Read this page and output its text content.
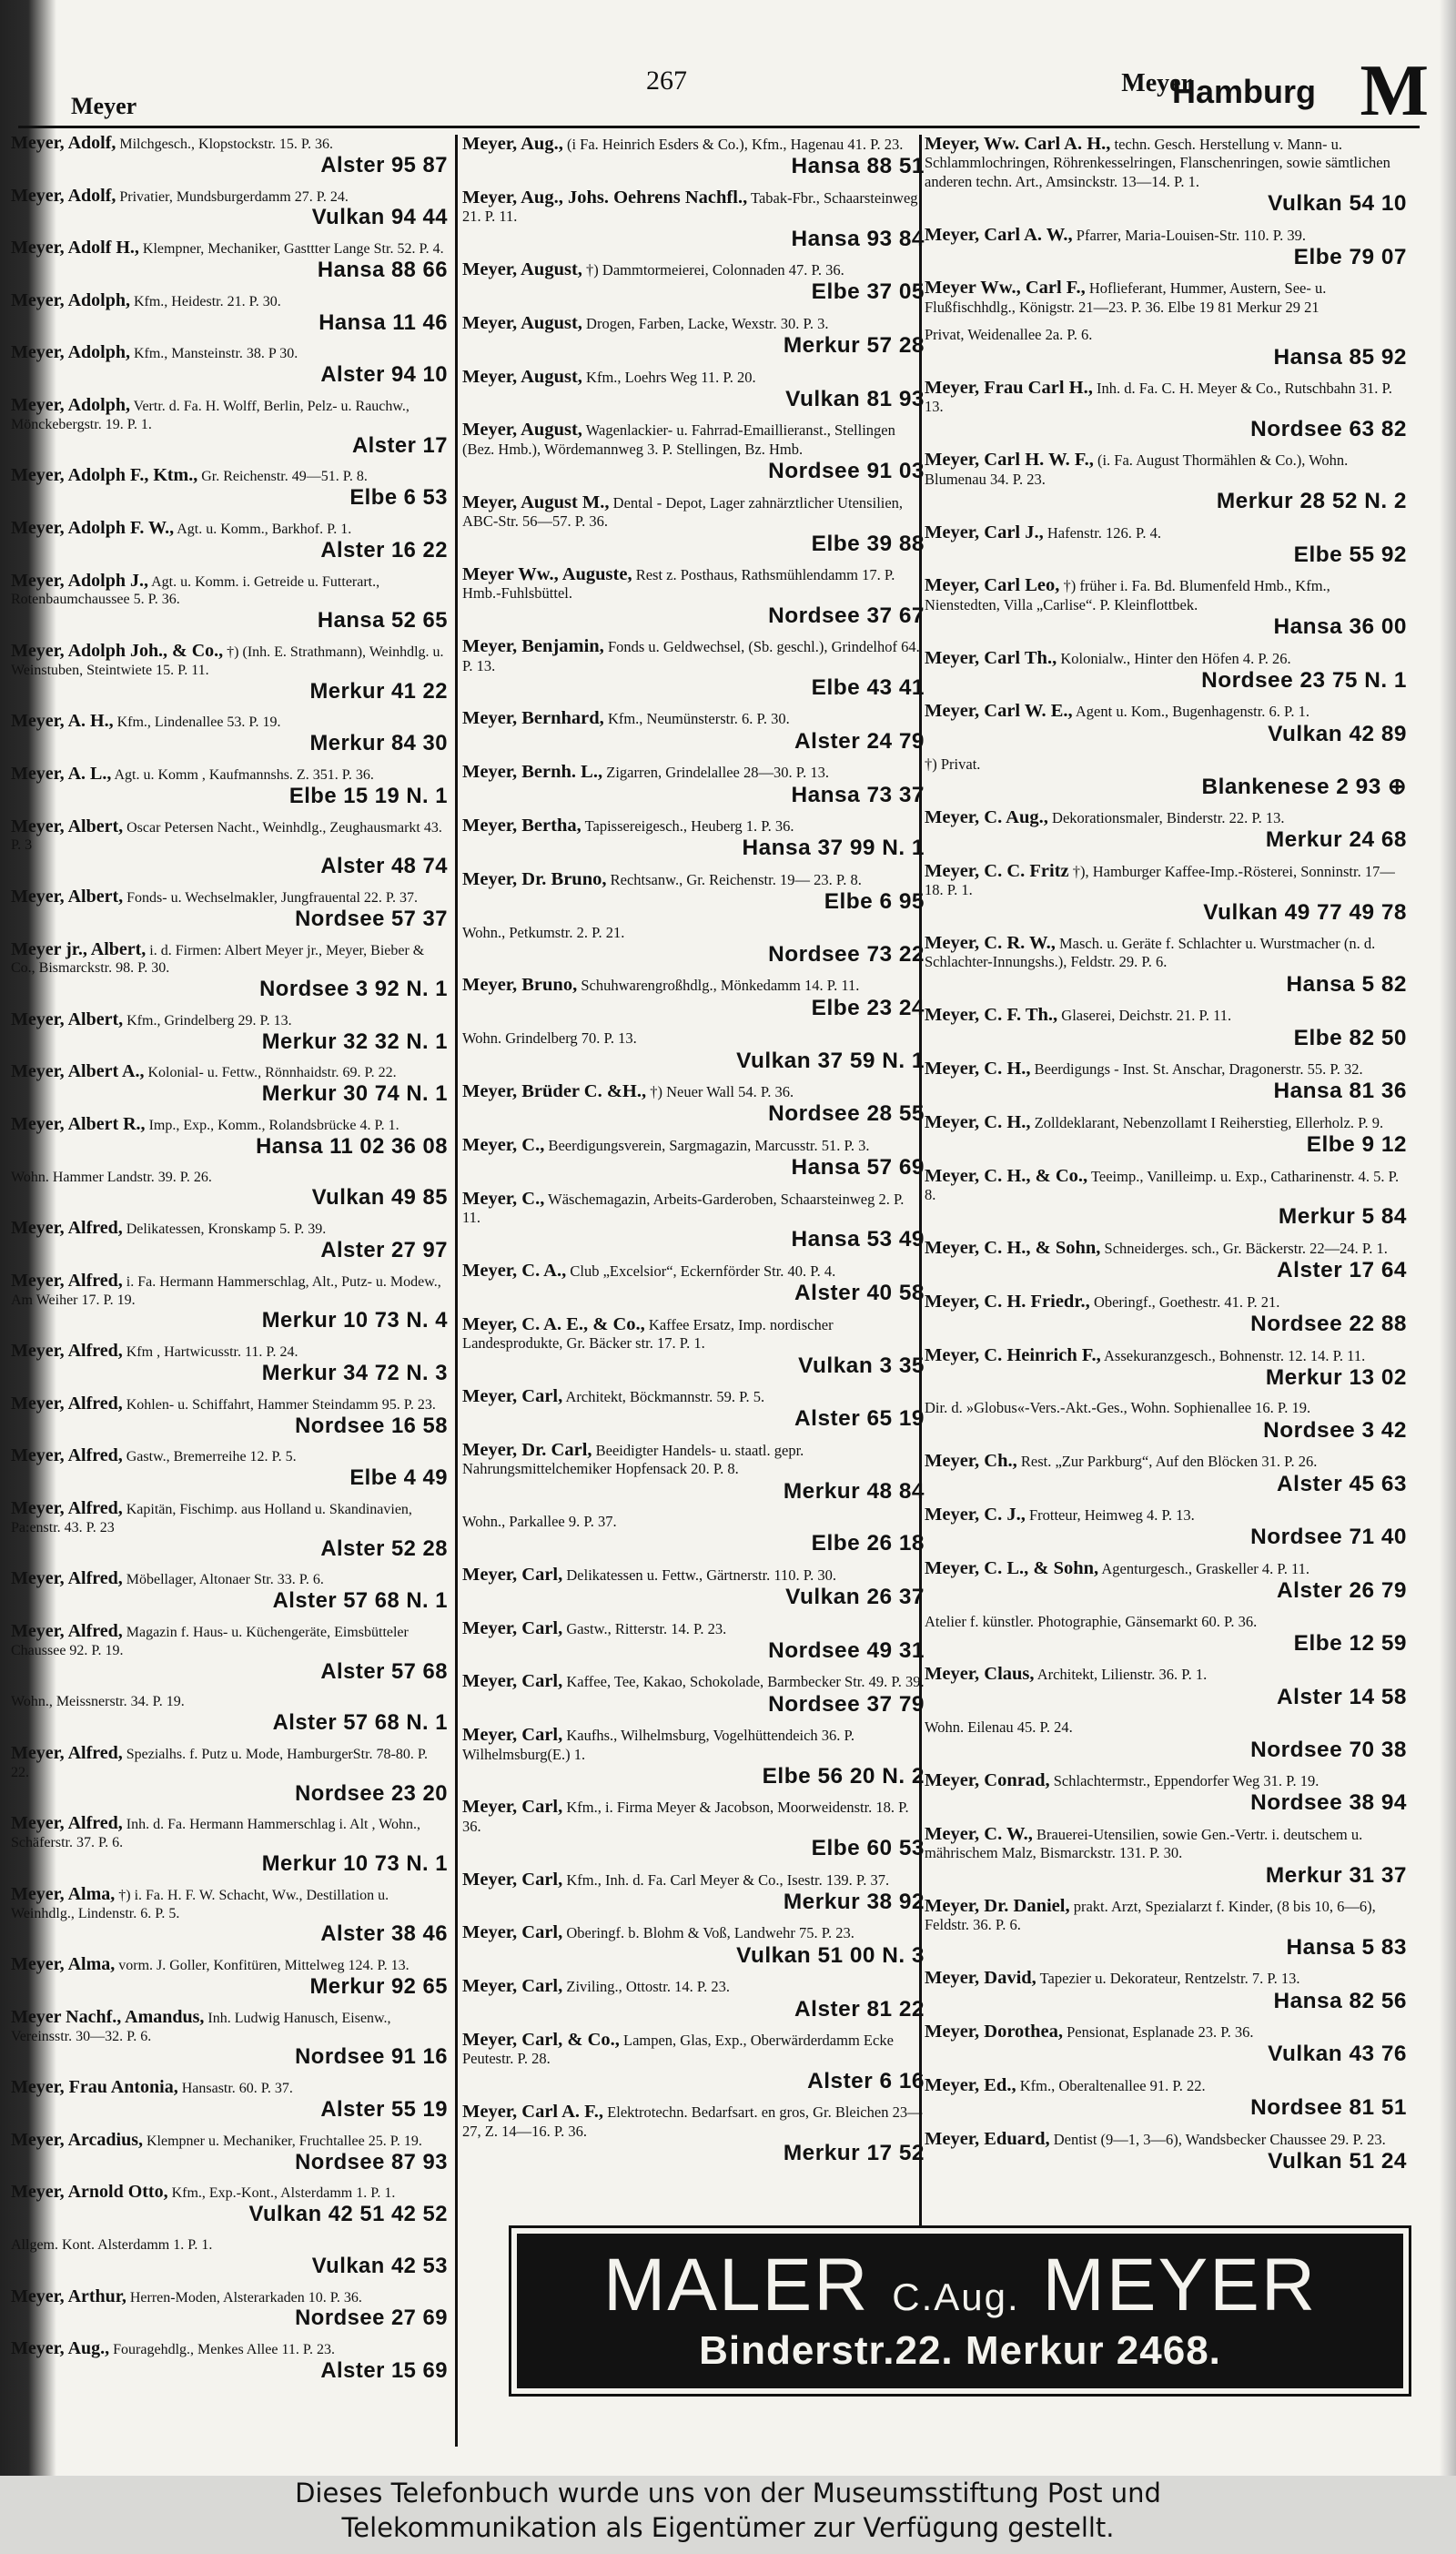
Meyer
267	Meyer
Hamburg M
Meyer, Adolf, Milchgesch., Klopstockstr. 15. P. 36.
Alster 95 87
Meyer, Adolf, Privatier, Mundsburgerdamm 27. P. 24.
Vulkan 94 44
Meyer, Adolf H., Klempner, Mechaniker, Gasttter Lange Str. 52. P. 4.
Hansa 88 66
Meyer, Adolph, Kfm., Heidestr. 21. P. 30.
Hansa 11 46
Meyer, Adolph, Kfm., Mansteinstr. 38. P 30.
Alster 94 10
Meyer, Adolph, Vertr. d. Fa. H. Wolff, Berlin, Pelz- u. Rauchw., Mönckebergstr. 19. P. 1.
Alster 17
Meyer, Adolph F., Ktm., Gr. Reichenstr. 49—51. P. 8.
Elbe 6 53
Meyer, Adolph F. W., Agt. u. Komm., Barkhof. P. 1.
Alster 16 22
Meyer, Adolph J., Agt. u. Komm. i. Getreide u. Futterart., Rotenbaumchaussee 5. P. 36.
Hansa 52 65
Meyer, Adolph Joh., & Co., †) (Inh. E. Strathmann), Weinhdlg. u. Weinstuben, Steintwiete 15. P. 11.
Merkur 41 22
Meyer, A. H., Kfm., Lindenallee 53. P. 19.
Merkur 84 30
Meyer, A. L., Agt. u. Komm , Kaufmannshs. Z. 351. P. 36.
Elbe 15 19 N. 1
Meyer, Albert, Oscar Petersen Nacht., Weinhdlg., Zeughausmarkt 43. P. 3
Alster 48 74
Meyer, Albert, Fonds- u. Wechselmakler, Jungfrauental 22. P. 37.
Nordsee 57 37
Meyer jr., Albert, i. d. Firmen: Albert Meyer jr., Meyer, Bieber & Co., Bismarckstr. 98. P. 30.
Nordsee 3 92 N. 1
Meyer, Albert, Kfm., Grindelberg 29. P. 13.
Merkur 32 32 N. 1
Meyer, Albert A., Kolonial- u. Fettw., Rönnhaidstr. 69. P. 22.
Merkur 30 74 N. 1
Meyer, Albert R., Imp., Exp., Komm., Rolandsbrücke 4. P. 1.
Hansa 11 02 36 08
Wohn. Hammer Landstr. 39. P. 26.
Vulkan 49 85
Meyer, Alfred, Delikatessen, Kronskamp 5. P. 39.
Alster 27 97
Meyer, Alfred, i. Fa. Hermann Hammerschlag, Alt., Putz- u. Modew., Am Weiher 17. P. 19.
Merkur 10 73 N. 4
Meyer, Alfred, Kfm , Hartwicusstr. 11. P. 24.
Merkur 34 72 N. 3
Meyer, Alfred, Kohlen- u. Schiffahrt, Hammer Steindamm 95. P. 23.
Nordsee 16 58
Meyer, Alfred, Gastw., Bremerreihe 12. P. 5.
Elbe 4 49
Meyer, Alfred, Kapitän, Fischimp. aus Holland u. Skandinavien, Pa:enstr. 43. P. 23
Alster 52 28
Meyer, Alfred, Möbellager, Altonaer Str. 33. P. 6.
Alster 57 68 N. 1
Meyer, Alfred, Magazin f. Haus- u. Küchengeräte, Eimsbütteler Chaussee 92. P. 19.
Alster 57 68
Wohn., Meissnerstr. 34. P. 19.
Alster 57 68 N. 1
Meyer, Alfred, Spezialhs. f. Putz u. Mode, HamburgerStr. 78-80. P. 22.
Nordsee 23 20
Meyer, Alfred, Inh. d. Fa. Hermann Hammerschlag i. Alt , Wohn., Schäferstr. 37. P. 6.
Merkur 10 73 N. 1
Meyer, Alma, †) i. Fa. H. F. W. Schacht, Ww., Destillation u. Weinhdlg., Lindenstr. 6. P. 5.
Alster 38 46
Meyer, Alma, vorm. J. Goller, Konfitüren, Mittelweg 124. P. 13.
Merkur 92 65
Meyer Nachf., Amandus, Inh. Ludwig Hanusch, Eisenw., Vereinsstr. 30—32. P. 6.
Nordsee 91 16
Meyer, Frau Antonia, Hansastr. 60. P. 37.
Alster 55 19
Meyer, Arcadius, Klempner u. Mechaniker, Fruchtallee 25. P. 19.
Nordsee 87 93
Meyer, Arnold Otto, Kfm., Exp.-Kont., Alsterdamm 1. P. 1.
Vulkan 42 51 42 52
Allgem. Kont. Alsterdamm 1. P. 1.
Vulkan 42 53
Meyer, Arthur, Herren-Moden, Alsterarkaden 10. P. 36.
Nordsee 27 69
Meyer, Aug., Fouragehdlg., Menkes Allee 11. P. 23.
Alster 15 69
Meyer, Aug., (i Fa. Heinrich Esders & Co.), Kfm., Hagenau 41. P. 23.
Hansa 88 51
Meyer, Aug., Johs. Oehrens Nachfl., Tabak-Fbr., Schaarsteinweg 21. P. 11.
Hansa 93 84
Meyer, August, †) Dammtormeierei, Colonnaden 47. P. 36.
Elbe 37 05
Meyer, August, Drogen, Farben, Lacke, Wexstr. 30. P. 3.
Merkur 57 28
Meyer, August, Kfm., Loehrs Weg 11. P. 20.
Vulkan 81 93
Meyer, August, Wagenlackier- u. Fahrrad-Emaillieranst., Stellingen (Bez. Hmb.), Wördemannweg 3. P. Stellingen, Bz. Hmb.
Nordsee 91 03
Meyer, August M., Dental - Depot, Lager zahnärztlicher Utensilien, ABC-Str. 56—57. P. 36.
Elbe 39 88
Meyer Ww., Auguste, Rest z. Posthaus, Rathsmühlendamm 17. P. Hmb.-Fuhlsbüttel.
Nordsee 37 67
Meyer, Benjamin, Fonds u. Geldwechsel, (Sb. geschl.), Grindelhof 64. P. 13.
Elbe 43 41
Meyer, Bernhard, Kfm., Neumünsterstr. 6. P. 30.
Alster 24 79
Meyer, Bernh. L., Zigarren, Grindelallee 28—30. P. 13.
Hansa 73 37
Meyer, Bertha, Tapissereigesch., Heuberg 1. P. 36.
Hansa 37 99 N. 1
Meyer, Dr. Bruno, Rechtsanw., Gr. Reichenstr. 19— 23. P. 8.
Elbe 6 95
Wohn., Petkumstr. 2. P. 21.
Nordsee 73 22
Meyer, Bruno, Schuhwarengroßhdlg., Mönkedamm 14. P. 11.
Elbe 23 24
Wohn. Grindelberg 70. P. 13.
Vulkan 37 59 N. 1
Meyer, Brüder C. &H., †) Neuer Wall 54. P. 36.
Nordsee 28 55
Meyer, C., Beerdigungsverein, Sargmagazin, Marcusstr. 51. P. 3.
Hansa 57 69
Meyer, C., Wäschemagazin, Arbeits-Garderoben, Schaarsteinweg 2. P. 11.
Hansa 53 49
Meyer, C. A., Club „Excelsior“, Eckernförder Str. 40. P. 4.
Alster 40 58
Meyer, C. A. E., & Co., Kaffee Ersatz, Imp. nordischer Landesprodukte, Gr. Bäcker str. 17. P. 1.
Vulkan 3 35
Meyer, Carl, Architekt, Böckmannstr. 59. P. 5.
Alster 65 19
Meyer, Dr. Carl, Beeidigter Handels- u. staatl. gepr. Nahrungsmittelchemiker Hopfensack 20. P. 8.
Merkur 48 84
Wohn., Parkallee 9. P. 37.
Elbe 26 18
Meyer, Carl, Delikatessen u. Fettw., Gärtnerstr. 110. P. 30.
Vulkan 26 37
Meyer, Carl, Gastw., Ritterstr. 14. P. 23.
Nordsee 49 31
Meyer, Carl, Kaffee, Tee, Kakao, Schokolade, Barmbecker Str. 49. P. 39.
Nordsee 37 79
Meyer, Carl, Kaufhs., Wilhelmsburg, Vogelhüttendeich 36. P. Wilhelmsburg(E.) 1.
Elbe 56 20 N. 2
Meyer, Carl, Kfm., i. Firma Meyer & Jacobson, Moorweidenstr. 18. P. 36.
Elbe 60 53
Meyer, Carl, Kfm., Inh. d. Fa. Carl Meyer & Co., Isestr. 139. P. 37.
Merkur 38 92
Meyer, Carl, Oberingf. b. Blohm & Voß, Landwehr 75. P. 23.
Vulkan 51 00 N. 3
Meyer, Carl, Ziviling., Ottostr. 14. P. 23.
Alster 81 22
Meyer, Carl, & Co., Lampen, Glas, Exp., Oberwärderdamm Ecke Peutestr. P. 28.
Alster 6 16
Meyer, Carl A. F., Elektrotechn. Bedarfsart. en gros, Gr. Bleichen 23—27, Z. 14—16. P. 36.
Merkur 17 52
Meyer, Ww. Carl A. H., techn. Gesch. Herstellung v. Mann- u. Schlammlochringen, Röhrenkesselringen, Flanschenringen, sowie sämtlichen anderen techn. Art., Amsinckstr. 13—14. P. 1.
Vulkan 54 10
Meyer, Carl A. W., Pfarrer, Maria-Louisen-Str. 110. P. 39.
Elbe 79 07
Meyer Ww., Carl F., Hoflieferant, Hummer, Austern, See- u. Flußfischhdlg., Königstr. 21—23. P. 36. Elbe 19 81 Merkur 29 21
Privat, Weidenallee 2a. P. 6.
Hansa 85 92
Meyer, Frau Carl H., Inh. d. Fa. C. H. Meyer & Co., Rutschbahn 31. P. 13.
Nordsee 63 82
Meyer, Carl H. W. F., (i. Fa. August Thormählen & Co.), Wohn. Blumenau 34. P. 23.
Merkur 28 52 N. 2
Meyer, Carl J., Hafenstr. 126. P. 4.
Elbe 55 92
Meyer, Carl Leo, †) früher i. Fa. Bd. Blumenfeld Hmb., Kfm., Nienstedten, Villa „Carlise“. P. Kleinflottbek.
Hansa 36 00
Meyer, Carl Th., Kolonialw., Hinter den Höfen 4. P. 26.
Nordsee 23 75 N. 1
Meyer, Carl W. E., Agent u. Kom., Bugenhagenstr. 6. P. 1.
Vulkan 42 89
†) Privat.
Blankenese 2 93 ⊕
Meyer, C. Aug., Dekorationsmaler, Binderstr. 22. P. 13.
Merkur 24 68
Meyer, C. C. Fritz †), Hamburger Kaffee-Imp.-Rösterei, Sonninstr. 17—18. P. 1.
Vulkan 49 77 49 78
Meyer, C. R. W., Masch. u. Geräte f. Schlachter u. Wurstmacher (n. d. Schlachter-Innungshs.), Feldstr. 29. P. 6.
Hansa 5 82
Meyer, C. F. Th., Glaserei, Deichstr. 21. P. 11.
Elbe 82 50
Meyer, C. H., Beerdigungs - Inst. St. Anschar, Dragonerstr. 55. P. 32.
Hansa 81 36
Meyer, C. H., Zolldeklarant, Nebenzollamt I Reiherstieg, Ellerholz. P. 9.
Elbe 9 12
Meyer, C. H., & Co., Teeimp., Vanilleimp. u. Exp., Catharinenstr. 4. 5. P. 8.
Merkur 5 84
Meyer, C. H., & Sohn, Schneiderges. sch., Gr. Bäckerstr. 22—24. P. 1.
Alster 17 64
Meyer, C. H. Friedr., Oberingf., Goethestr. 41. P. 21.
Nordsee 22 88
Meyer, C. Heinrich F., Assekuranzgesch., Bohnenstr. 12. 14. P. 11.
Merkur 13 02
Dir. d. »Globus«-Vers.-Akt.-Ges., Wohn. Sophienallee 16. P. 19.
Nordsee 3 42
Meyer, Ch., Rest. „Zur Parkburg“, Auf den Blöcken 31. P. 26.
Alster 45 63
Meyer, C. J., Frotteur, Heimweg 4. P. 13.
Nordsee 71 40
Meyer, C. L., & Sohn, Agenturgesch., Graskeller 4. P. 11.
Alster 26 79
Atelier f. künstler. Photographie, Gänsemarkt 60. P. 36.
Elbe 12 59
Meyer, Claus, Architekt, Lilienstr. 36. P. 1.
Alster 14 58
Wohn. Eilenau 45. P. 24.
Nordsee 70 38
Meyer, Conrad, Schlachtermstr., Eppendorfer Weg 31. P. 19.
Nordsee 38 94
Meyer, C. W., Brauerei-Utensilien, sowie Gen.-Vertr. i. deutschem u. mährischem Malz, Bismarckstr. 131. P. 30.
Merkur 31 37
Meyer, Dr. Daniel, prakt. Arzt, Spezialarzt f. Kinder, (8 bis 10, 6—6), Feldstr. 36. P. 6.
Hansa 5 83
Meyer, David, Tapezier u. Dekorateur, Rentzelstr. 7. P. 13.
Hansa 82 56
Meyer, Dorothea, Pensionat, Esplanade 23. P. 36.
Vulkan 43 76
Meyer, Ed., Kfm., Oberaltenallee 91. P. 22.
Nordsee 81 51
Meyer, Eduard, Dentist (9—1, 3—6), Wandsbecker Chaussee 29. P. 23.
Vulkan 51 24
MALER C.Aug. MEYER
Binderstr.22. Merkur 2468.
Dieses Telefonbuch wurde uns von der Museumsstiftung Post und
Telekommunikation als Eigentümer zur Verfügung gestellt.
